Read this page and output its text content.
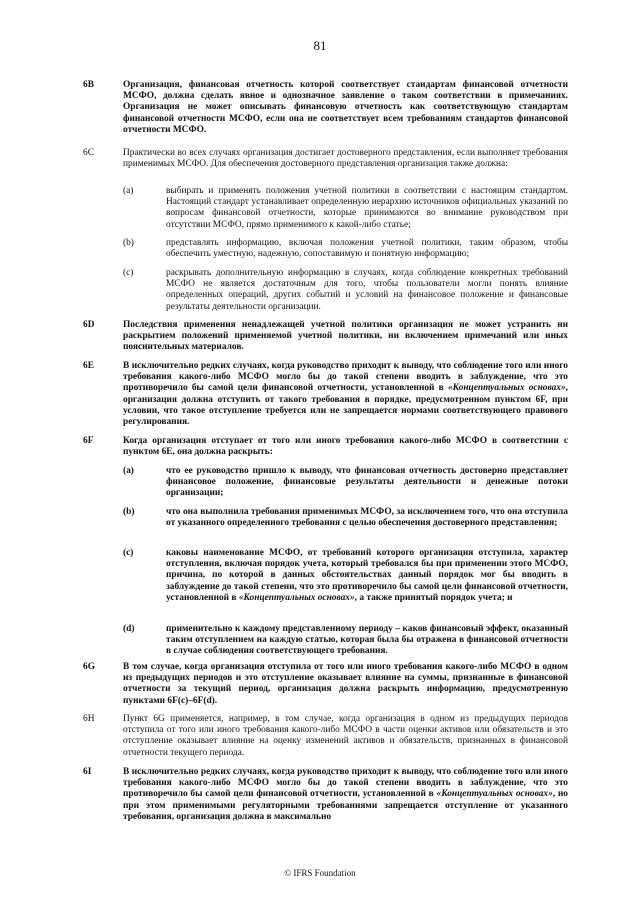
81
6B	Организация, финансовая отчетность которой соответствует стандартам финансовой отчетности МСФО, должна сделать явное и однозначное заявление о таком соответствии в примечаниях. Организация не может описывать финансовую отчетность как соответствующую стандартам финансовой отчетности МСФО, если она не соответствует всем требованиям стандартов финансовой отчетности МСФО.
6C	Практически во всех случаях организация достигает достоверного представления, если выполняет требования применимых МСФО. Для обеспечения достоверного представления организация также должна:
(a)	выбирать и применять положения учетной политики в соответствии с настоящим стандартом. Настоящий стандарт устанавливает определенную иерархию источников официальных указаний по вопросам финансовой отчетности, которые принимаются во внимание руководством при отсутствии МСФО, прямо применимого к какой-либо статье;
(b)	представлять информацию, включая положения учетной политики, таким образом, чтобы обеспечить уместную, надежную, сопоставимую и понятную информацию;
(c)	раскрывать дополнительную информацию в случаях, когда соблюдение конкретных требований МСФО не является достаточным для того, чтобы пользователи могли понять влияние определенных операций, других событий и условий на финансовое положение и финансовые результаты деятельности организации.
6D	Последствия применения ненадлежащей учетной политики организация не может устранить ни раскрытием положений применяемой учетной политики, ни включением примечаний или иных пояснительных материалов.
6E	В исключительно редких случаях, когда руководство приходит к выводу, что соблюдение того или иного требования какого-либо МСФО могло бы до такой степени вводить в заблуждение, что это противоречило бы самой цели финансовой отчетности, установленной в «Концептуальных основах», организация должна отступить от такого требования в порядке, предусмотренном пунктом 6F, при условии, что такое отступление требуется или не запрещается нормами соответствующего правового регулирования.
6F	Когда организация отступает от того или иного требования какого-либо МСФО в соответствии с пунктом 6E, она должна раскрыть:
(a)	что ее руководство пришло к выводу, что финансовая отчетность достоверно представляет финансовое положение, финансовые результаты деятельности и денежные потоки организации;
(b)	что она выполнила требования применимых МСФО, за исключением того, что она отступила от указанного определенного требования с целью обеспечения достоверного представления;
(c)	каковы наименование МСФО, от требований которого организация отступила, характер отступления, включая порядок учета, который требовался бы при применении этого МСФО, причина, по которой в данных обстоятельствах данный порядок мог бы вводить в заблуждение до такой степени, что это противоречило бы самой цели финансовой отчетности, установленной в «Концептуальных основах», а также принятый порядок учета; и
(d)	применительно к каждому представленному периоду – каков финансовый эффект, оказанный таким отступлением на каждую статью, которая была бы отражена в финансовой отчетности в случае соблюдения соответствующего требования.
6G	В том случае, когда организация отступила от того или иного требования какого-либо МСФО в одном из предыдущих периодов и это отступление оказывает влияние на суммы, признанные в финансовой отчетности за текущий период, организация должна раскрыть информацию, предусмотренную пунктами 6F(c)–6F(d).
6H	Пункт 6G применяется, например, в том случае, когда организация в одном из предыдущих периодов отступила от того или иного требования какого-либо МСФО в части оценки активов или обязательств и это отступление оказывает влияние на оценку изменений активов и обязательств, признанных в финансовой отчетности текущего периода.
6I	В исключительно редких случаях, когда руководство приходит к выводу, что соблюдение того или иного требования какого-либо МСФО могло бы до такой степени вводить в заблуждение, что это противоречило бы самой цели финансовой отчетности, установленной в «Концептуальных основах», но при этом применимыми регуляторными требованиями запрещается отступление от указанного требования, организация должна в максимально
© IFRS Foundation
